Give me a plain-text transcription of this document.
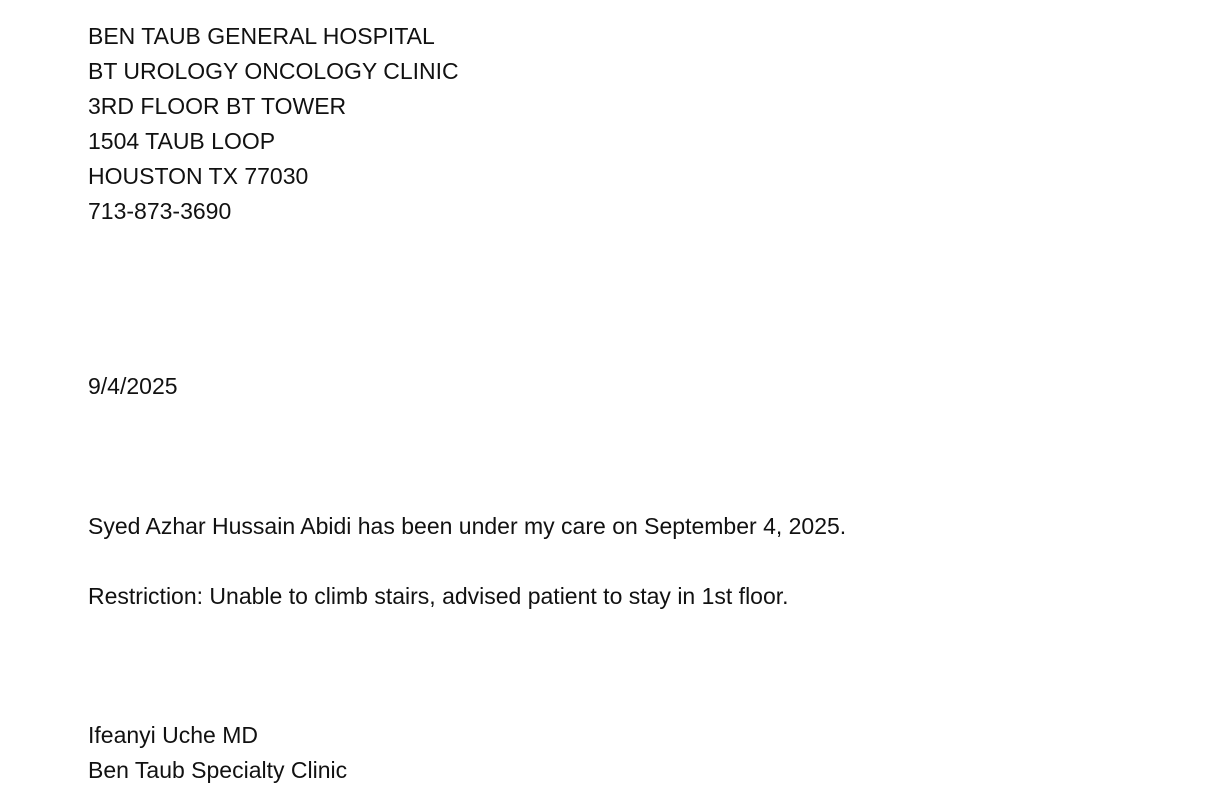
BEN TAUB GENERAL HOSPITAL
BT UROLOGY ONCOLOGY CLINIC
3RD FLOOR BT TOWER
1504 TAUB LOOP
HOUSTON TX 77030
713-873-3690
9/4/2025
Syed Azhar Hussain Abidi has been under my care on September 4, 2025.
Restriction: Unable to climb stairs, advised patient to stay in 1st floor.
Ifeanyi Uche MD
Ben Taub Specialty Clinic
